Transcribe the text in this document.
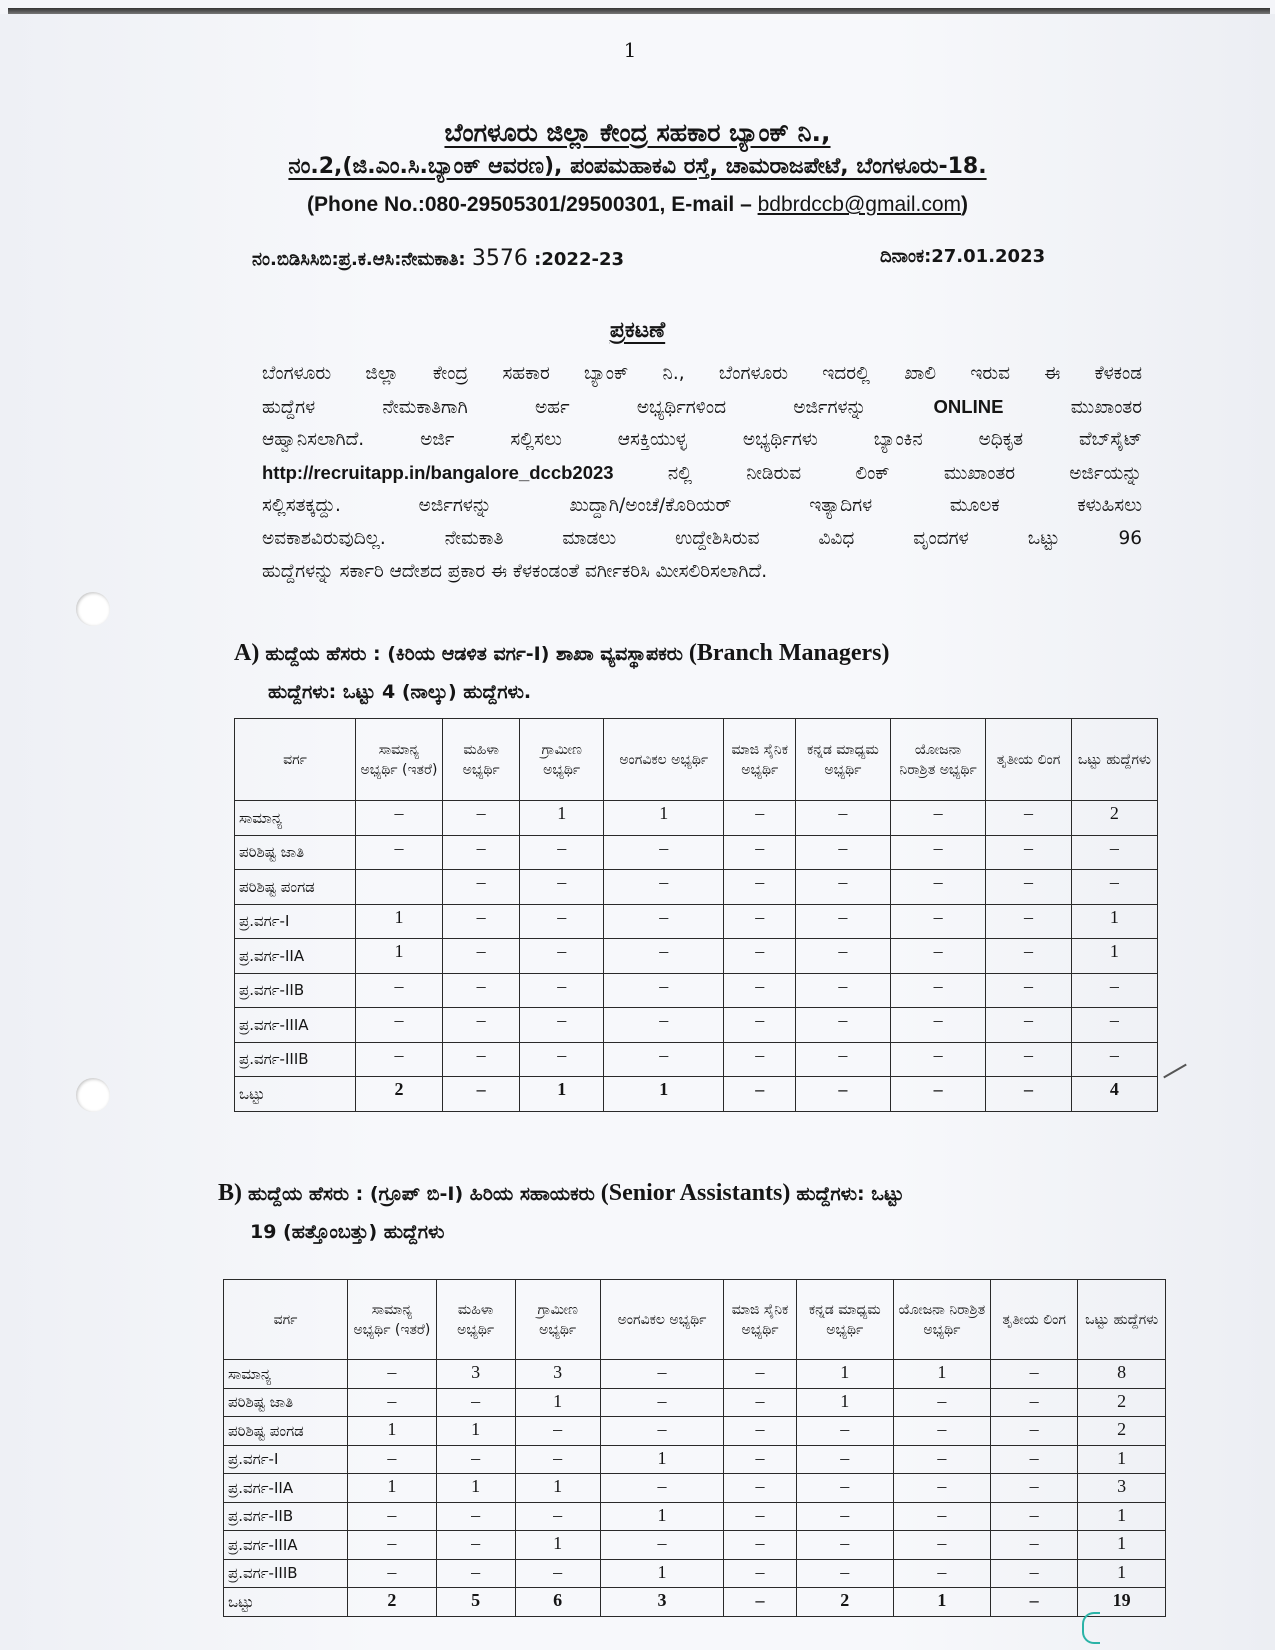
1
ಬೆಂಗಳೂರು ಜಿಲ್ಲಾ ಕೇಂದ್ರ ಸಹಕಾರ ಬ್ಯಾಂಕ್ ನಿ.,
ನಂ.2,(ಜಿ.ಎಂ.ಸಿ.ಬ್ಯಾಂಕ್ ಆವರಣ), ಪಂಪಮಹಾಕವಿ ರಸ್ತೆ, ಚಾಮರಾಜಪೇಟೆ, ಬೆಂಗಳೂರು-18.
(Phone No.:080-29505301/29500301, E-mail – bdbrdccb@gmail.com)
ನಂ.ಬಿಡಿಸಿಸಿಬಿ:ಪ್ರ.ಕ.ಆಸಿ:ನೇಮಕಾತಿ: 3576 :2022-23	ದಿನಾಂಕ:27.01.2023
ಪ್ರಕಟಣೆ
ಬೆಂಗಳೂರು ಜಿಲ್ಲಾ ಕೇಂದ್ರ ಸಹಕಾರ ಬ್ಯಾಂಕ್ ನಿ., ಬೆಂಗಳೂರು ಇದರಲ್ಲಿ ಖಾಲಿ ಇರುವ ಈ ಕೆಳಕಂಡ
ಹುದ್ದೆಗಳ ನೇಮಕಾತಿಗಾಗಿ ಅರ್ಹ ಅಭ್ಯರ್ಥಿಗಳಿಂದ ಅರ್ಜಿಗಳನ್ನು	ONLINE	ಮುಖಾಂತರ
ಆಹ್ವಾನಿಸಲಾಗಿದೆ. ಅರ್ಜಿ ಸಲ್ಲಿಸಲು ಆಸಕ್ತಿಯುಳ್ಳ ಅಭ್ಯರ್ಥಿಗಳು ಬ್ಯಾಂಕಿನ ಅಧಿಕೃತ ವೆಬ್‌ಸೈಟ್
http://recruitapp.in/bangalore_dccb2023	ನಲ್ಲಿ ನೀಡಿರುವ ಲಿಂಕ್ ಮುಖಾಂತರ ಅರ್ಜಿಯನ್ನು
ಸಲ್ಲಿಸತಕ್ಕದ್ದು. ಅರ್ಜಿಗಳನ್ನು ಖುದ್ದಾಗಿ/ಅಂಚೆ/ಕೊರಿಯರ್ ಇತ್ಯಾದಿಗಳ ಮೂಲಕ ಕಳುಹಿಸಲು
ಅವಕಾಶವಿರುವುದಿಲ್ಲ. ನೇಮಕಾತಿ ಮಾಡಲು ಉದ್ದೇಶಿಸಿರುವ ವಿವಿಧ ವೃಂದಗಳ ಒಟ್ಟು 96
ಹುದ್ದೆಗಳನ್ನು ಸರ್ಕಾರಿ ಆದೇಶದ ಪ್ರಕಾರ ಈ ಕೆಳಕಂಡಂತೆ ವರ್ಗೀಕರಿಸಿ ಮೀಸಲಿರಿಸಲಾಗಿದೆ.
A) ಹುದ್ದೆಯ ಹೆಸರು : (ಕಿರಿಯ ಆಡಳಿತ ವರ್ಗ-I) ಶಾಖಾ ವ್ಯವಸ್ಥಾಪಕರು (Branch Managers)
ಹುದ್ದೆಗಳು: ಒಟ್ಟು 4 (ನಾಲ್ಕು) ಹುದ್ದೆಗಳು.
ವರ್ಗ	ಸಾಮಾನ್ಯ ಅಭ್ಯರ್ಥಿ (ಇತರೆ)	ಮಹಿಳಾ ಅಭ್ಯರ್ಥಿ	ಗ್ರಾಮೀಣ ಅಭ್ಯರ್ಥಿ	ಅಂಗವಿಕಲ ಅಭ್ಯರ್ಥಿ	ಮಾಜಿ ಸೈನಿಕ ಅಭ್ಯರ್ಥಿ	ಕನ್ನಡ ಮಾಧ್ಯಮ ಅಭ್ಯರ್ಥಿ	ಯೋಜನಾ ನಿರಾಶ್ರಿತ ಅಭ್ಯರ್ಥಿ	ತೃತೀಯ ಲಿಂಗ	ಒಟ್ಟು ಹುದ್ದೆಗಳು
ಸಾಮಾನ್ಯ	–	–	1	1	–	–	–	–	2
ಪರಿಶಿಷ್ಟ ಜಾತಿ	–	–	–	–	–	–	–	–	–
ಪರಿಶಿಷ್ಟ ಪಂಗಡ		–	–	–	–	–	–	–	–
ಪ್ರ.ವರ್ಗ-I	1	–	–	–	–	–	–	–	1
ಪ್ರ.ವರ್ಗ-IIA	1	–	–	–	–	–	–	–	1
ಪ್ರ.ವರ್ಗ-IIB	–	–	–	–	–	–	–	–	–
ಪ್ರ.ವರ್ಗ-IIIA	–	–	–	–	–	–	–	–	–
ಪ್ರ.ವರ್ಗ-IIIB	–	–	–	–	–	–	–	–	–
ಒಟ್ಟು	2	–	1	1	–	–	–	–	4
B) ಹುದ್ದೆಯ ಹೆಸರು : (ಗ್ರೂಪ್ ಬಿ-I) ಹಿರಿಯ ಸಹಾಯಕರು (Senior Assistants) ಹುದ್ದೆಗಳು: ಒಟ್ಟು
19 (ಹತ್ತೊಂಬತ್ತು) ಹುದ್ದೆಗಳು
ವರ್ಗ	ಸಾಮಾನ್ಯ ಅಭ್ಯರ್ಥಿ (ಇತರೆ)	ಮಹಿಳಾ ಅಭ್ಯರ್ಥಿ	ಗ್ರಾಮೀಣ ಅಭ್ಯರ್ಥಿ	ಅಂಗವಿಕಲ ಅಭ್ಯರ್ಥಿ	ಮಾಜಿ ಸೈನಿಕ ಅಭ್ಯರ್ಥಿ	ಕನ್ನಡ ಮಾಧ್ಯಮ ಅಭ್ಯರ್ಥಿ	ಯೋಜನಾ ನಿರಾಶ್ರಿತ ಅಭ್ಯರ್ಥಿ	ತೃತೀಯ ಲಿಂಗ	ಒಟ್ಟು ಹುದ್ದೆಗಳು
ಸಾಮಾನ್ಯ	–	3	3	–	–	1	1	–	8
ಪರಿಶಿಷ್ಟ ಜಾತಿ	–	–	1	–	–	1	–	–	2
ಪರಿಶಿಷ್ಟ ಪಂಗಡ	1	1	–	–	–	–	–	–	2
ಪ್ರ.ವರ್ಗ-I	–	–	–	1	–	–	–	–	1
ಪ್ರ.ವರ್ಗ-IIA	1	1	1	–	–	–	–	–	3
ಪ್ರ.ವರ್ಗ-IIB	–	–	–	1	–	–	–	–	1
ಪ್ರ.ವರ್ಗ-IIIA	–	–	1	–	–	–	–	–	1
ಪ್ರ.ವರ್ಗ-IIIB	–	–	–	1	–	–	–	–	1
ಒಟ್ಟು	2	5	6	3	–	2	1	–	19
